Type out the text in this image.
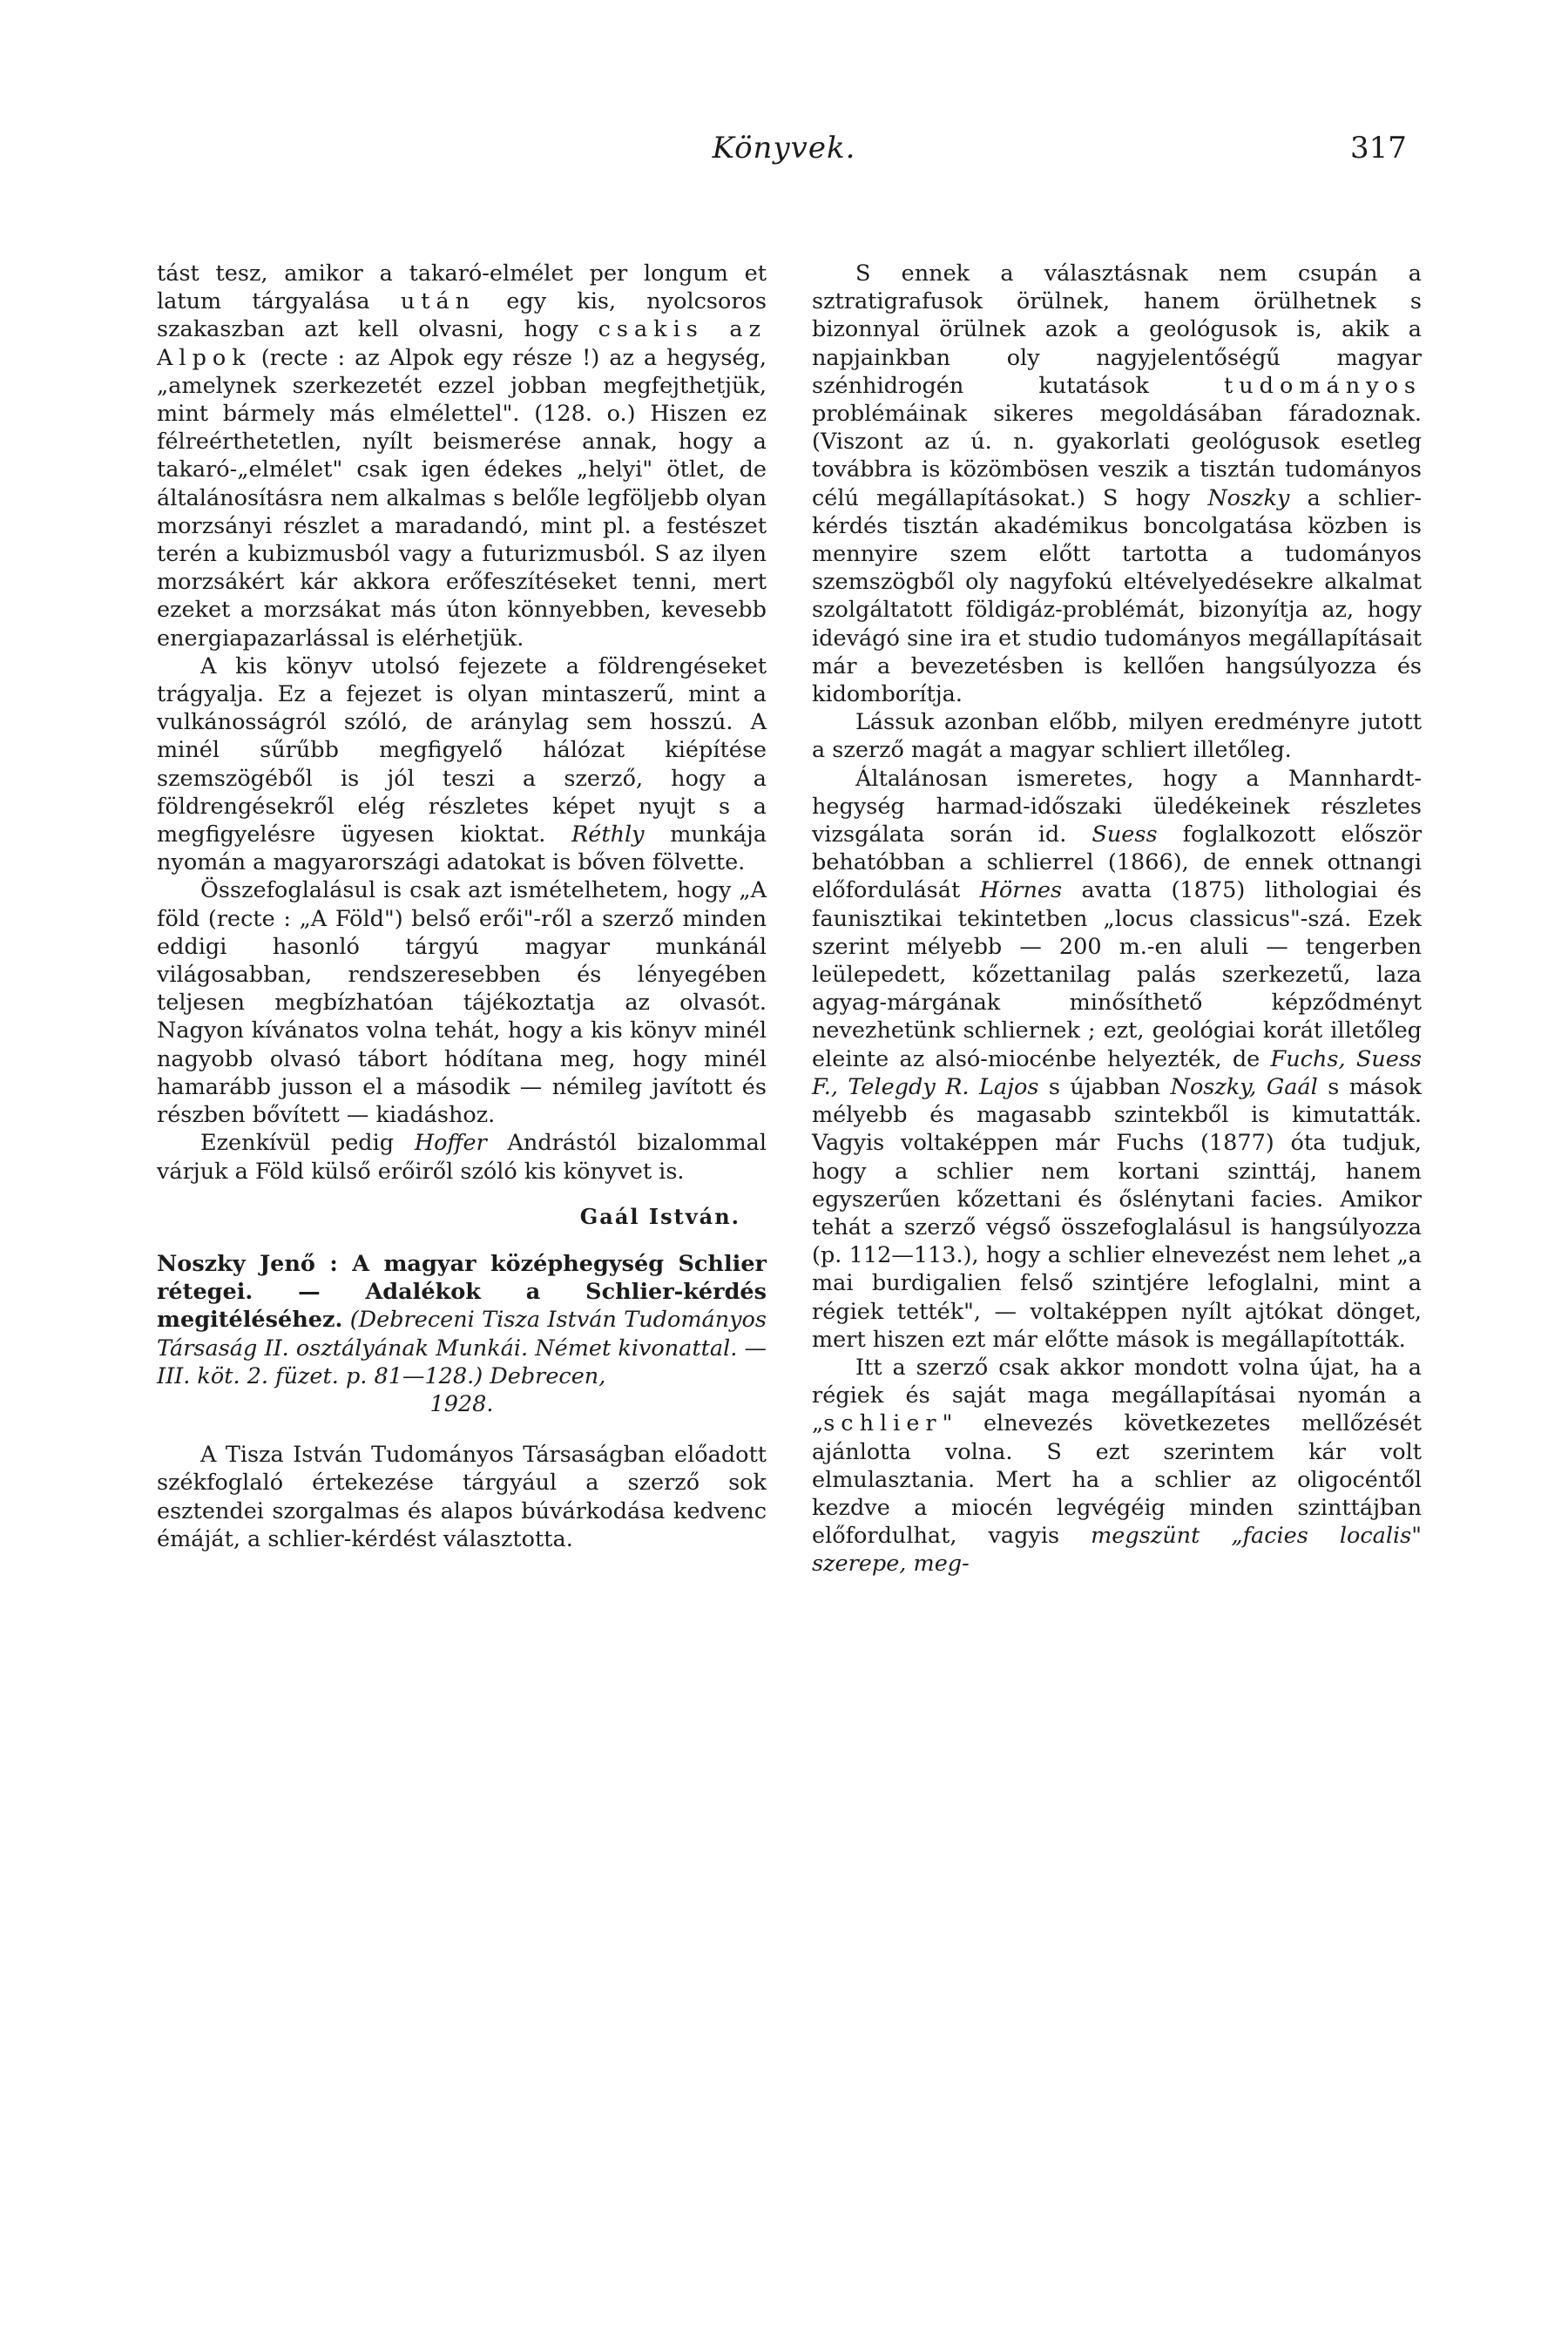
Könyvek.	317

tást tesz, amikor a takaró-elmélet per longum et latum tárgyalása után egy kis, nyolcsoros szakaszban azt kell olvasni, hogy csakis az Alpok (recte : az Alpok egy része !) az a hegység, „amelynek szerkezetét ezzel jobban megfejthetjük, mint bármely más elmélettel". (128. o.) Hiszen ez félreérthetetlen, nyílt beismerése annak, hogy a takaró-„elmélet" csak igen édekes „helyi" ötlet, de általánosításra nem alkalmas s belőle legföljebb olyan morzsányi részlet a maradandó, mint pl. a festészet terén a kubizmusból vagy a futurizmusból. S az ilyen morzsákért kár akkora erőfeszítéseket tenni, mert ezeket a morzsákat más úton könnyebben, kevesebb energiapazarlással is elérhetjük.

A kis könyv utolsó fejezete a földrengéseket trágyalja. Ez a fejezet is olyan mintaszerű, mint a vulkánosságról szóló, de aránylag sem hosszú. A minél sűrűbb megfigyelő hálózat kiépítése szemszögéből is jól teszi a szerző, hogy a földrengésekről elég részletes képet nyujt s a megfigyelésre ügyesen kioktat. Réthly munkája nyomán a magyarországi adatokat is bőven fölvette.

Összefoglalásul is csak azt ismételhetem, hogy „A föld (recte : „A Föld") belső erői"-ről a szerző minden eddigi hasonló tárgyú magyar munkánál világosabban, rendszeresebben és lényegében teljesen megbízhatóan tájékoztatja az olvasót. Nagyon kívánatos volna tehát, hogy a kis könyv minél nagyobb olvasó tábort hódítana meg, hogy minél hamarább jusson el a második — némileg javított és részben bővített — kiadáshoz.

Ezenkívül pedig Hoffer Andrástól bizalommal várjuk a Föld külső erőiről szóló kis könyvet is.

Gaál István.

Noszky Jenő : A magyar középhegység Schlier rétegei. — Adalékok a Schlier-kérdés megitéléséhez. (Debreceni Tisza István Tudományos Társaság II. osztályának Munkái. Német kivonattal. — III. köt. 2. füzet. p. 81—128.) Debrecen,
1928.

A Tisza István Tudományos Társaságban előadott székfoglaló értekezése tárgyául a szerző sok esztendei szorgalmas és alapos búvárkodása kedvenc émáját, a schlier-kérdést választotta.

S ennek a választásnak nem csupán a sztratigrafusok örülnek, hanem örülhetnek s bizonnyal örülnek azok a geológusok is, akik a napjainkban oly nagyjelentőségű magyar szénhidrogén kutatások	tudományos problémáinak sikeres megoldásában fáradoznak. (Viszont az ú. n. gyakorlati geológusok esetleg továbbra is közömbösen veszik a tisztán tudományos célú megállapításokat.) S hogy Noszky a schlier-kérdés tisztán akadémikus boncolgatása közben is mennyire szem előtt tartotta a tudományos szemszögből oly nagyfokú eltévelyedésekre alkalmat szolgáltatott földigáz-problémát, bizonyítja az, hogy idevágó sine ira et studio tudományos megállapításait már a bevezetésben is kellően hangsúlyozza és kidomborítja.

Lássuk azonban előbb, milyen eredményre jutott a szerző magát a magyar schliert illetőleg.

Általánosan ismeretes, hogy a Mannhardt-hegység harmad-időszaki üledékeinek részletes vizsgálata során id. Suess foglalkozott először behatóbban a schlierrel (1866), de ennek ottnangi előfordulását Hörnes avatta (1875) lithologiai és faunisztikai tekintetben „locus classicus"-szá. Ezek szerint mélyebb — 200 m.-en aluli — tengerben leülepedett, kőzettanilag palás szerkezetű, laza agyag-márgának minősíthető képződményt nevezhetünk schliernek ; ezt, geológiai korát illetőleg eleinte az alsó-miocénbe helyezték, de Fuchs, Suess F., Telegdy R. Lajos s újabban Noszky, Gaál s mások mélyebb és magasabb szintekből is kimutatták. Vagyis voltaképpen már Fuchs (1877) óta tudjuk, hogy a schlier nem kortani szinttáj, hanem egyszerűen kőzettani és őslénytani facies. Amikor tehát a szerző végső összefoglalásul is hangsúlyozza (p. 112—113.), hogy a schlier elnevezést nem lehet „a mai burdigalien felső szintjére lefoglalni, mint a régiek tették", — voltaképpen nyílt ajtókat dönget, mert hiszen ezt már előtte mások is megállapították.

Itt a szerző csak akkor mondott volna újat, ha a régiek és saját maga megállapításai nyomán a „schlier" elnevezés következetes mellőzését ajánlotta volna. S ezt szerintem kár volt elmulasztania. Mert ha a schlier az oligocéntől kezdve a miocén legvégéig minden szinttájban előfordulhat, vagyis megszünt „facies localis" szerepe, meg-
